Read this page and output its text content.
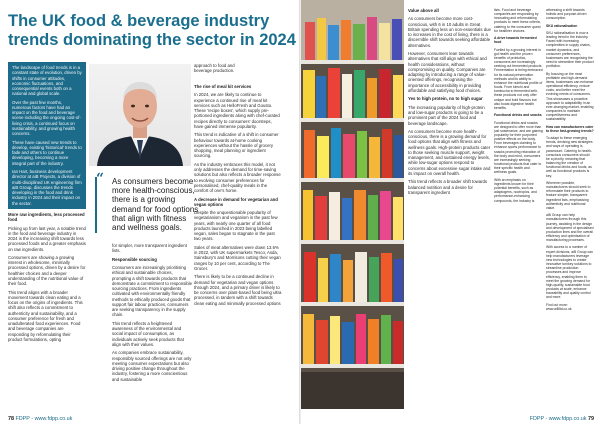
The UK food & beverage industry trends dominating the sector in 2024

The landscape of food trends is in a constant state of evolution, driven by shifts in consumer attitudes, economic fluctuations, and consequential events both on a national and global scale.

Over the past few months, numerous factors have had an impact on the food and beverage scene including the ongoing cost-of-living crisis, a continued focus on sustainability, and growing health concerns.

These have caused new trends to develop, existing 'historical' trends to fade and others to continue developing, becoming a more integral part of the industry.

Ian Hart, business development director at aiB Projects, a division of multi-disciplined UK engineering firm aiB Group, discusses the trends developing in the food and drink industry in 2024 and their impact on the sector.

More raw ingredients, less processed food

Picking up from last year, a notable trend in the food and beverage industry in 2024 is the increasing shift towards less processed foods and a greater emphasis on raw ingredients.

Consumers are showing a growing interest in wholesome, minimally processed options, driven by a desire for healthier choices and a deeper understanding of the nutritional value of their food.

This trend aligns with a broader movement towards clean eating and a focus on the origins of ingredients. This shift also reflects a commitment to authenticity and sustainability, and a consumer preference for fresh and unadulterated food experiences. Food and beverage companies are responding by reformulating their product formulations, opting

“ As consumers become more health-conscious, there is a growing demand for food options that align with fitness and wellness goals.

approach to food and beverage production.

for simpler, more transparent ingredient lists.

Responsible sourcing

Consumers are increasingly prioritising ethical and sustainable choices, prompting a shift towards products that demonstrate a commitment to responsible sourcing practices. From ingredients cultivated with environmentally friendly methods to ethically produced goods that support fair labour practices, consumers are seeking transparency in the supply chain.

This trend reflects a heightened awareness of the environmental and social impact of consumption, as individuals actively seek products that align with their values.

As companies embrace sustainability, responsibly sourced offerings are not only meeting consumer expectations but also driving positive change throughout the industry, fostering a more conscientious and sustainable

The rise of meal kit services

In 2024, we are likely to continue to experience a continued rise of meal kit services such as HelloFresh and Gousto. These 'recipe boxes', which supply pre-portioned ingredients along with chef-curated recipes directly to consumers' doorsteps, have gained immense popularity.

This trend is indicative of a shift in consumer behaviour towards at-home cooking experiences without the hassle of grocery shopping, meal planning or ingredient sourcing.

As the industry embraces this model, it not only addresses the demand for time-saving solutions but also reflects a broader response to evolving consumer preferences for personalised, chef-quality meals in the comfort of one's home.

A decrease in demand for vegetarian and vegan options

Despite the unquestionable popularity of vegetarianism and veganism in the past few years, with nearly one quarter of all food products launched in 2023 being labelled vegan, sales began to stagnate in the past two years.

Sales of meat alternatives were down 13.6% in 2022, with UK supermarkets Tesco, Asda, Sainsbury's and Morrisons cutting their vegan ranges by 10 per cent, according to The Grocer.

There is likely to be a continued decline in demand for vegetarian and vegan options through 2024, and a primary driver is likely to be concerns over plant-based food being ultra processed, in tandem with a shift towards clean eating and minimally processed options

78 FDPP - www.fdpp.co.uk

Value above all

As consumers become more cost-conscious, with 6 in 10 adults in Great Britain spending less on non-essentials due to increases in the cost of living, there is a discernible shift towards seeking affordable alternatives.

However, consumers lean towards alternatives that still align with ethical and health considerations, without compromising on quality. Companies are adapting by introducing a range of value-oriented offerings, recognising the importance of accessibility in providing affordable and satisfying food choices.

Yes to high protein, no to high sugar

The increasing popularity of high-protein and low-sugar products is going to be a prominent part of the 2024 food and beverage landscape.

As consumers become more health-conscious, there is a growing demand for food options that align with fitness and wellness goals. High-protein products cater to those seeking muscle support, weight management, and sustained energy levels, while low-sugar options respond to concerns about excessive sugar intake and its impact on overall health.

This trend reflects a broader shift towards balanced nutrition and a desire for transparent ingredient

FDPP - www.fdpp.co.uk 79

lists. Food and beverage companies are responding by innovating and reformulating products to meet these criteria, catering to the consumer quest for healthier choices.

A drive towards fermented food

Fuelled by a growing interest in gut health and the proven benefits of probiotics, consumers are increasingly seeking out fermented products. Fermentation is being embraced for its natural preservation methods and its ability to enhance the nutritional profile of foods. From kimchi and kombucha to fermented kefir, these products not only offer unique and bold flavours but also boast digestive health benefits.

Functional drinks and snacks

Functional drinks and snacks are designed to offer more than just sustenance, and are gaining popularity for their purported positive effects on the body. From beverages claiming to enhance sports performance to snacks promoting relaxation of the body and mind, consumers are increasingly seeking functional products that cater to their specific health and wellness goals.

With an emphasis on ingredients known for their potential benefits, such as adaptogens, nootropics, and performance-enhancing compounds, the industry is

witnessing a shift towards holistic and purpose-driven consumption.

SKU rationalisation

SKU rationalisation is now a leading trend in the industry. Faced with increasing complexities in supply chains, market dynamics, and consumer preferences, businesses are recognising the need to streamline their product portfolios.

By focusing on the most profitable and high-demand items, businesses can enhance operational efficiency, reduce costs, and better meet the evolving needs of consumers. This showcases a proactive approach to adaptability in an ever-changing market, enabling companies to maintain competitiveness and sustainability.

How can manufacturers cater to these fast-growing trends?

To adapt to these emerging trends, devising new strategies and ways of operating is paramount. Catering to health-conscious consumers should be a priority, meaning that balancing the creation of functional drinks and foods, as well as functional products is key.

Wherever possible, manufacturers should seek to reformulate their products to feature simpler, transparent ingredient lists, emphasising authenticity and nutritional value.

aiB Group can help manufacturers through this journey, assisting in the design and development of specialised production lines and the overall efficiency and optimisation of manufacturing processes.

With access to a number of expert divisions, aiB Group can help manufacturers leverage new technologies to create innovative turnkey solutions to streamline production processes and improve efficiency, enabling them to meet the growing demand for high-quality, sustainable food products at scale, enhance traceability and quality control and more.

Find out more: www.aiBltd.co.uk
